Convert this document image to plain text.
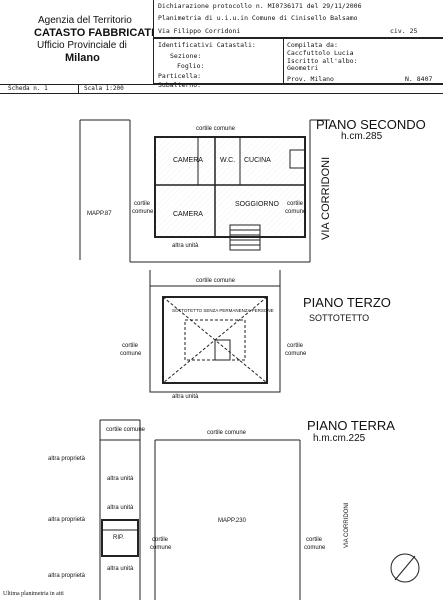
Agenzia del Territorio
CATASTO FABBRICATI
Ufficio Provinciale di
Milano
Dichiarazione protocollo n. MI0736171 del 29/11/2006
Planimetria di u.i.u.in Comune di Cinisello Balsamo
Via Filippo Corridoni	civ. 25
Identificativi Catastali:
Sezione:
Foglio:
Particella:
Subalterno:
Compilata da:
Caccfuttolo Lucia
Iscritto all'albo:
Geometri
Prov. Milano	N. 8407
Scheda n. 1	Scala 1:200
PIANO SECONDO
h.cm.285
cortile comune
CAMERA W.C. CUCINA
CAMERA
SOGGIORNO
MAPP.87
cortile
comune
cortile
comune
altra unità
VIA CORRIDONI
PIANO TERZO
SOTTOTETTO
cortile comune
SOTTOTETTO SENZA PERMANENZA PERSONE
cortile
comune
cortile
comune
altra unità
PIANO TERRA
h.m.cm.225
cortile comune	cortile comune
altra proprietà
altra proprietà
altra proprietà
altra unità
altra unità
altra unità
MAPP.230
RIP.	cortile
comune
cortile
comune	VIA CORRIDONI
Ultima planimetria in atti
